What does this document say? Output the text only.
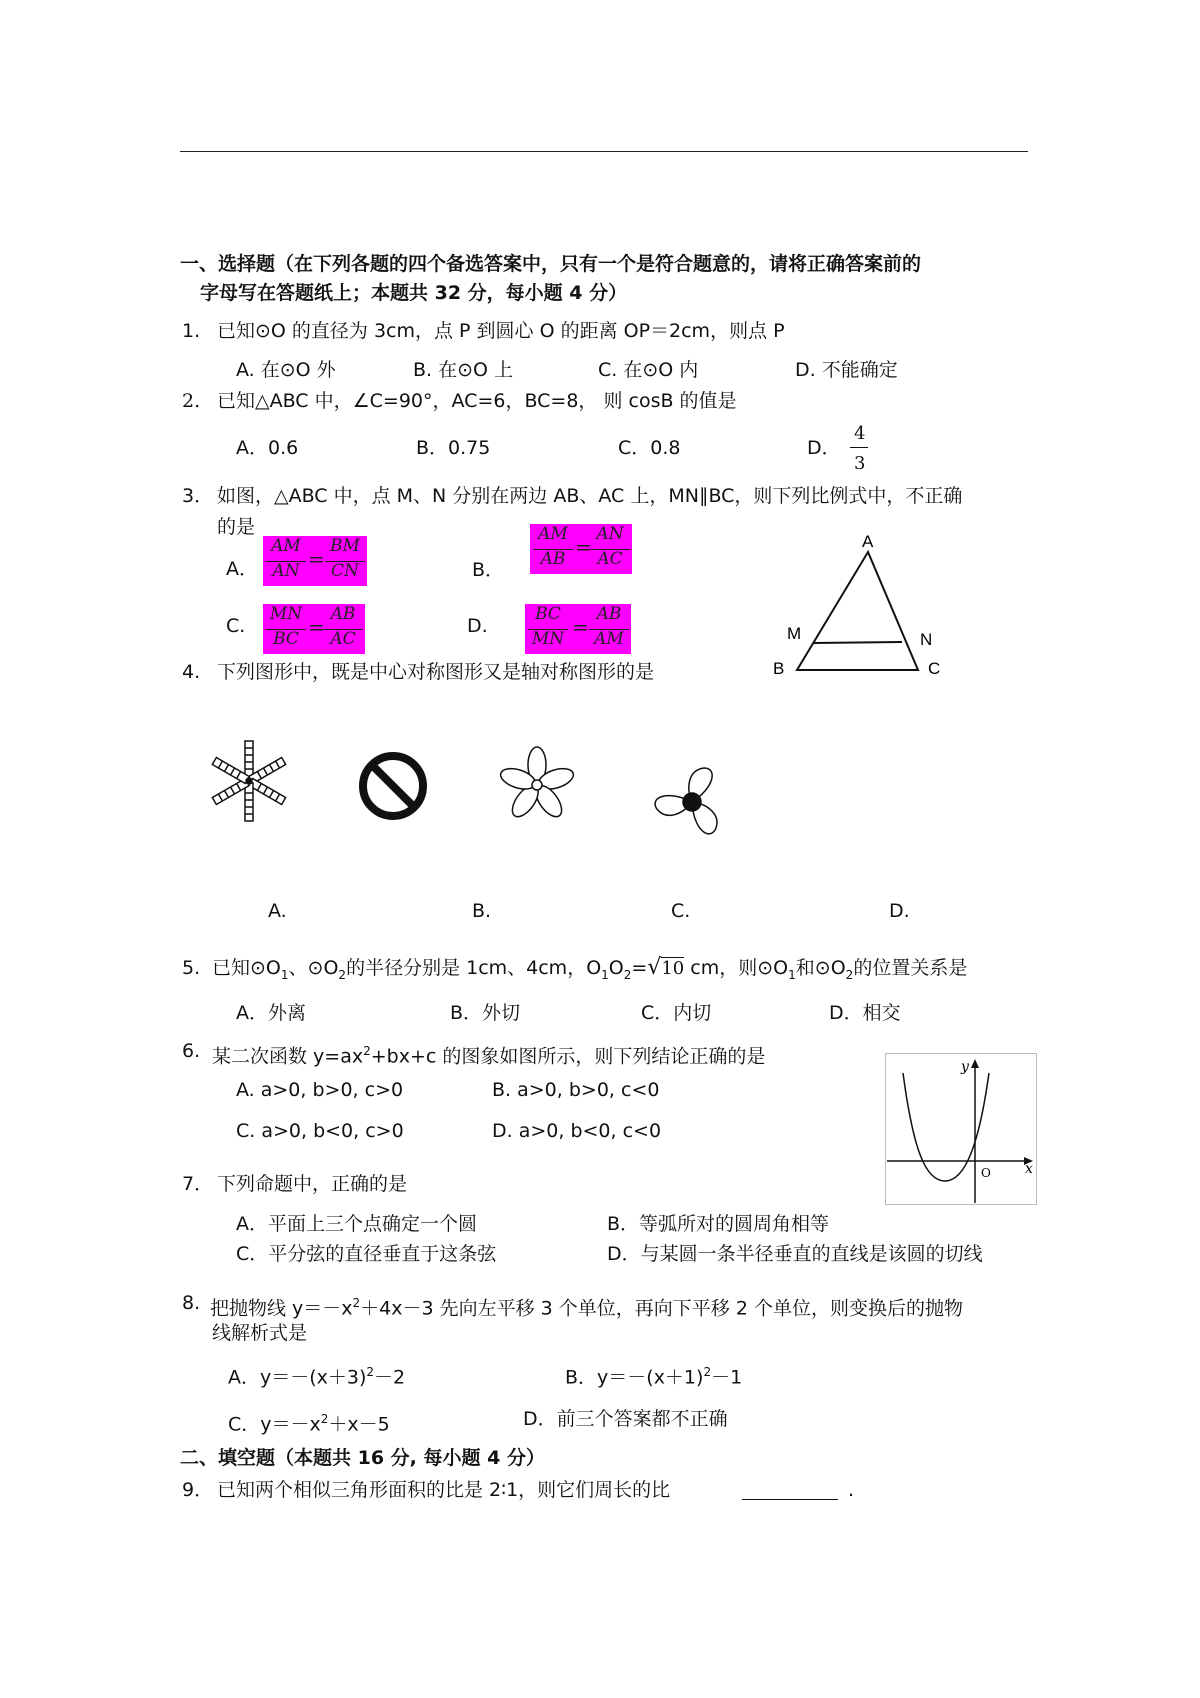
一、选择题（在下列各题的四个备选答案中，只有一个是符合题意的，请将正确答案前的
字母写在答题纸上；本题共 32 分，每小题 4 分）
1. 已知⊙O 的直径为 3cm，点 P 到圆心 O 的距离 OP＝2cm，则点 P
A. 在⊙O 外	B. 在⊙O 上	C. 在⊙O 内	D. 不能确定
2. 已知△ABC 中，∠C=90°，AC=6，BC=8， 则 cosB 的值是
A．0.6	B．0.75	C．0.8	D．
4
3
3． 如图，△ABC 中，点 M、N 分别在两边 AB、AC 上，MN∥BC，则下列比例式中，不正确
的是
A．
AM
AN =
BM
CN	B．
AM
AB =
AN
AC
C.
MN
BC =
AB
AC
D.
BC
MN =
AB
AM
A
M	N
B	C
4. 下列图形中，既是中心对称图形又是轴对称图形的是
A.	B.	C.	D.
5. 已知$⊙O_1$、$⊙O_2$的半径分别是 1cm、4cm，$O_1O_2=√10$ cm，则$⊙O_1$和$⊙O_2$的位置关系是
A．外离	B．外切	C．内切	D．相交
6. 某二次函数 $y=ax^2+bx+c$ 的图象如图所示，则下列结论正确的是
A. a>0, b>0, c>0	B. a>0, b>0, c<0
C. a>0, b<0, c>0	D. a>0, b<0, c<0
y
x
O
7． 下列命题中，正确的是
A．平面上三个点确定一个圆	B．等弧所对的圆周角相等
C．平分弦的直径垂直于这条弦	D．与某圆一条半径垂直的直线是该圆的切线
8. 把抛物线 $y=-x^2+4x-3$ 先向左平移 3 个单位，再向下平移 2 个单位，则变换后的抛物
线解析式是
A．$y=-(x+3)^2-2$	B．$y=-(x+1)^2-1$
C．$y=-x^2+x-5$	D．前三个答案都不正确
二、填空题（本题共 16 分, 每小题 4 分）
9． 已知两个相似三角形面积的比是 2∶1，则它们周长的比	.
